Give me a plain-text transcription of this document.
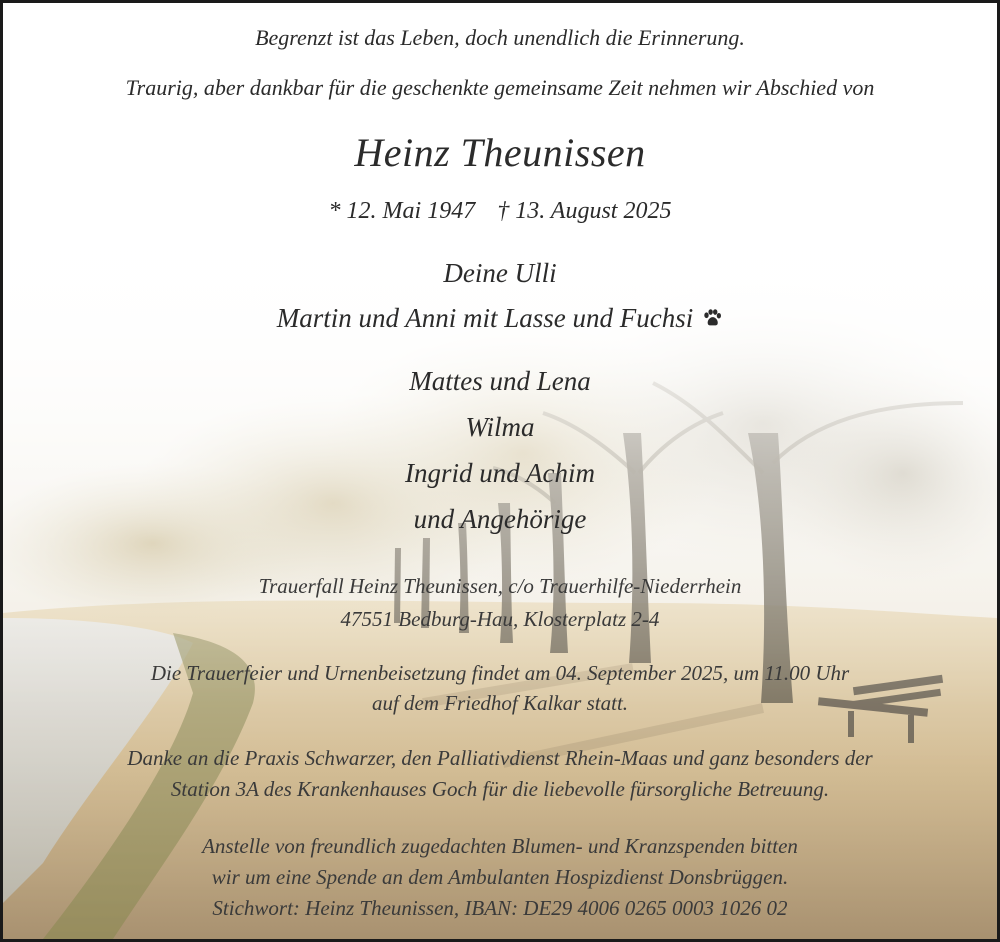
Begrenzt ist das Leben, doch unendlich die Erinnerung.
Traurig, aber dankbar für die geschenkte gemeinsame Zeit nehmen wir Abschied von
Heinz Theunissen
* 12. Mai 1947 † 13. August 2025
Deine Ulli
Martin und Anni mit Lasse und Fuchsi
Mattes und Lena
Wilma
Ingrid und Achim
und Angehörige
Trauerfall Heinz Theunissen, c/o Trauerhilfe-Niederrhein
47551 Bedburg-Hau, Klosterplatz 2-4
Die Trauerfeier und Urnenbeisetzung findet am 04. September 2025, um 11.00 Uhr
auf dem Friedhof Kalkar statt.
Danke an die Praxis Schwarzer, den Palliativdienst Rhein-Maas und ganz besonders der
Station 3A des Krankenhauses Goch für die liebevolle fürsorgliche Betreuung.
Anstelle von freundlich zugedachten Blumen- und Kranzspenden bitten
wir um eine Spende an dem Ambulanten Hospizdienst Donsbrüggen.
Stichwort: Heinz Theunissen, IBAN: DE29 4006 0265 0003 1026 02
